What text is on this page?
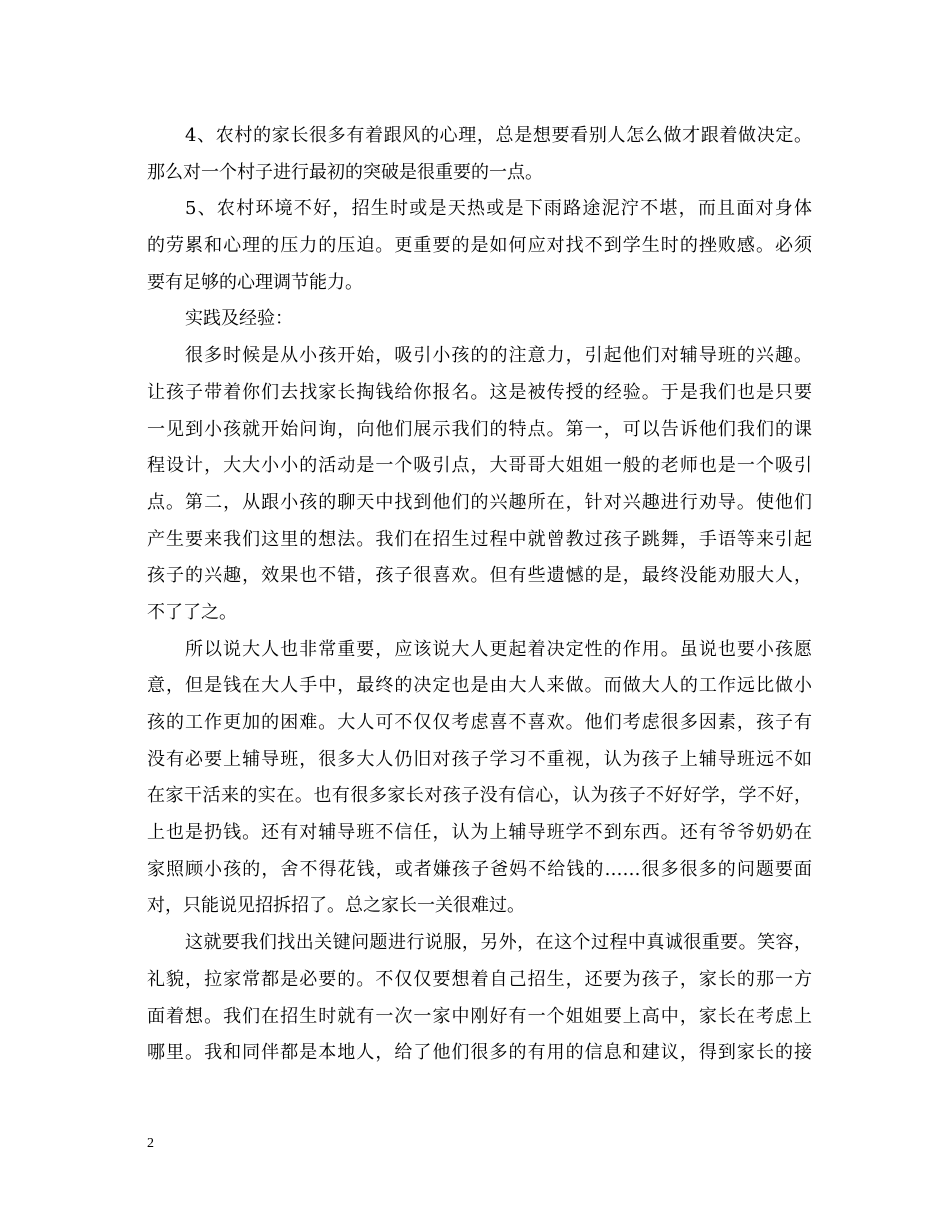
4、农村的家长很多有着跟风的心理，总是想要看别人怎么做才跟着做决定。
那么对一个村子进行最初的突破是很重要的一点。
5、农村环境不好，招生时或是天热或是下雨路途泥泞不堪，而且面对身体
的劳累和心理的压力的压迫。更重要的是如何应对找不到学生时的挫败感。必须
要有足够的心理调节能力。
实践及经验：
很多时候是从小孩开始，吸引小孩的的注意力，引起他们对辅导班的兴趣。
让孩子带着你们去找家长掏钱给你报名。这是被传授的经验。于是我们也是只要
一见到小孩就开始问询，向他们展示我们的特点。第一，可以告诉他们我们的课
程设计，大大小小的活动是一个吸引点，大哥哥大姐姐一般的老师也是一个吸引
点。第二，从跟小孩的聊天中找到他们的兴趣所在，针对兴趣进行劝导。使他们
产生要来我们这里的想法。我们在招生过程中就曾教过孩子跳舞，手语等来引起
孩子的兴趣，效果也不错，孩子很喜欢。但有些遗憾的是，最终没能劝服大人，
不了了之。
所以说大人也非常重要，应该说大人更起着决定性的作用。虽说也要小孩愿
意，但是钱在大人手中，最终的决定也是由大人来做。而做大人的工作远比做小
孩的工作更加的困难。大人可不仅仅考虑喜不喜欢。他们考虑很多因素，孩子有
没有必要上辅导班，很多大人仍旧对孩子学习不重视，认为孩子上辅导班远不如
在家干活来的实在。也有很多家长对孩子没有信心，认为孩子不好好学，学不好，
上也是扔钱。还有对辅导班不信任，认为上辅导班学不到东西。还有爷爷奶奶在
家照顾小孩的，舍不得花钱，或者嫌孩子爸妈不给钱的……很多很多的问题要面
对，只能说见招拆招了。总之家长一关很难过。
这就要我们找出关键问题进行说服，另外，在这个过程中真诚很重要。笑容，
礼貌，拉家常都是必要的。不仅仅要想着自己招生，还要为孩子，家长的那一方
面着想。我们在招生时就有一次一家中刚好有一个姐姐要上高中，家长在考虑上
哪里。我和同伴都是本地人，给了他们很多的有用的信息和建议，得到家长的接
2
